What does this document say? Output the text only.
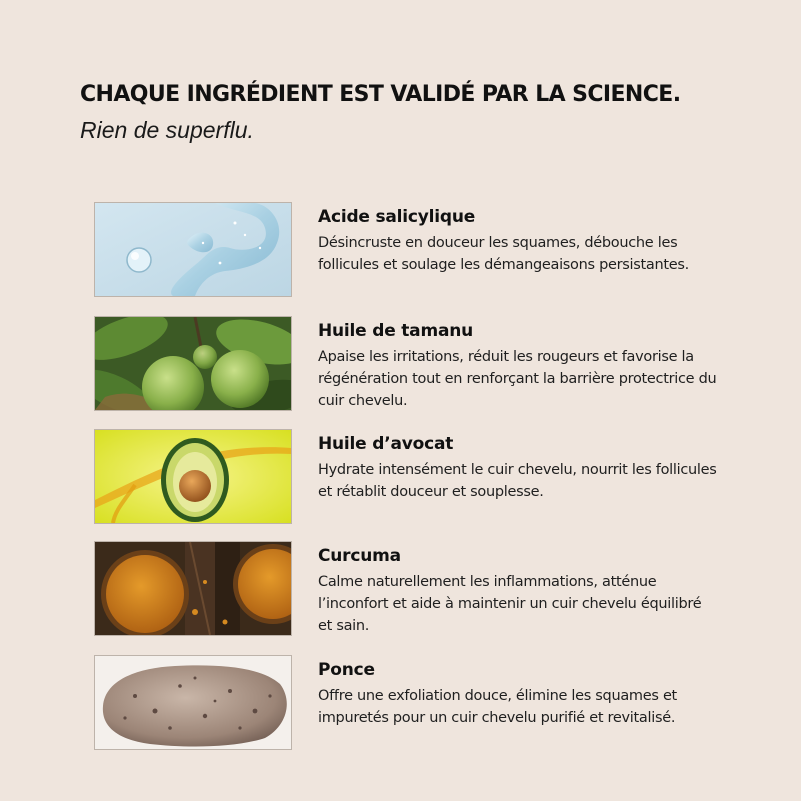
CHAQUE INGRÉDIENT EST VALIDÉ PAR LA SCIENCE.

Rien de superflu.

Acide salicylique

Désincruste en douceur les squames, débouche les follicules et soulage les démangeaisons persistantes.

Huile de tamanu

Apaise les irritations, réduit les rougeurs et favorise la régénération tout en renforçant la barrière protectrice du cuir chevelu.

Huile d’avocat

Hydrate intensément le cuir chevelu, nourrit les follicules et rétablit douceur et souplesse.

Curcuma

Calme naturellement les inflammations, atténue l’inconfort et aide à maintenir un cuir chevelu équilibré et sain.

Ponce

Offre une exfoliation douce, élimine les squames et impuretés pour un cuir chevelu purifié et revitalisé.
